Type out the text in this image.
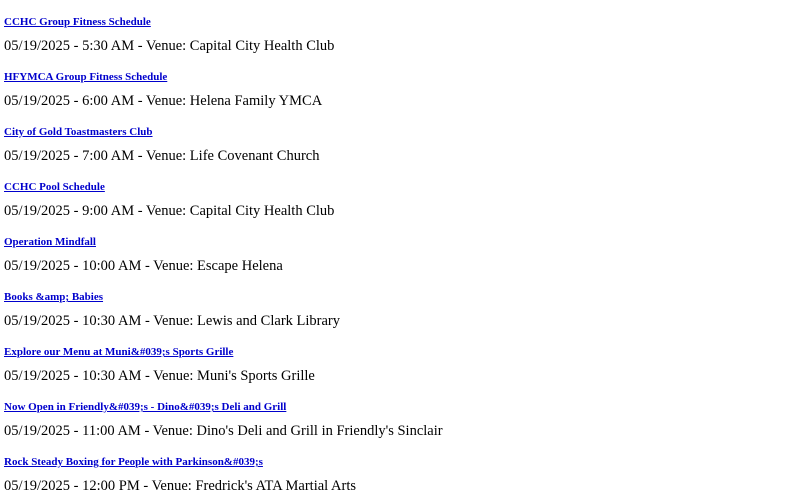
CCHC Group Fitness Schedule
05/19/2025 - 5:30 AM - Venue: Capital City Health Club
HFYMCA Group Fitness Schedule
05/19/2025 - 6:00 AM - Venue: Helena Family YMCA
City of Gold Toastmasters Club
05/19/2025 - 7:00 AM - Venue: Life Covenant Church
CCHC Pool Schedule
05/19/2025 - 9:00 AM - Venue: Capital City Health Club
Operation Mindfall
05/19/2025 - 10:00 AM - Venue: Escape Helena
Books &amp; Babies
05/19/2025 - 10:30 AM - Venue: Lewis and Clark Library
Explore our Menu at Muni&#039;s Sports Grille
05/19/2025 - 10:30 AM - Venue: Muni's Sports Grille
Now Open in Friendly&#039;s - Dino&#039;s Deli and Grill
05/19/2025 - 11:00 AM - Venue: Dino's Deli and Grill in Friendly's Sinclair
Rock Steady Boxing for People with Parkinson&#039;s
05/19/2025 - 12:00 PM - Venue: Fredrick's ATA Martial Arts
